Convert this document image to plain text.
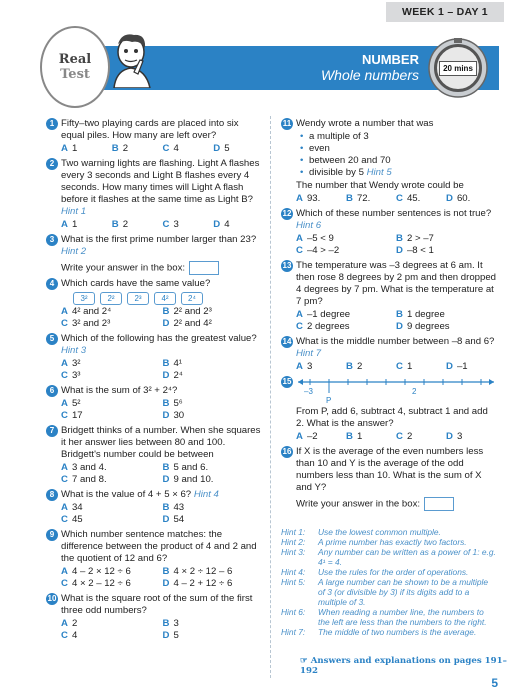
WEEK 1 – DAY 1
NUMBER
Whole numbers
Real
Test	20 mins
1 Fifty–two playing cards are placed into six equal piles. How many are left over?
A 1	B 2	C 4	D 5
2 Two warning lights are flashing. Light A flashes every 3 seconds and Light B flashes every 4 seconds. How many times will Light A flash before it flashes at the same time as Light B? Hint 1
A 1	B 2	C 3	D 4
3 What is the first prime number larger than 23? Hint 2
Write your answer in the box:
4 Which cards have the same value?
3²	2²	2³	4²	2⁴
A 4² and 2⁴	B 2² and 2³
C 3² and 2³	D 2² and 4²
5 Which of the following has the greatest value? Hint 3
A 3²	B 4¹
C 3³	D 2⁴
6 What is the sum of 3² + 2⁴?
A 5²	B 5⁶
C 17	D 30
7 Bridgett thinks of a number. When she squares it her answer lies between 80 and 100. Bridgett's number could be between
A 3 and 4.	B 5 and 6.
C 7 and 8.	D 9 and 10.
8 What is the value of 4 + 5 × 6? Hint 4
A 34	B 43
C 45	D 54
9 Which number sentence matches: the difference between the product of 4 and 2 and the quotient of 12 and 6?
A 4 – 2 × 12 ÷ 6	B 4 × 2 ÷ 12 – 6
C 4 × 2 – 12 ÷ 6	D 4 – 2 + 12 ÷ 6
10 What is the square root of the sum of the first three odd numbers?
A 2	B 3
C 4	D 5
11 Wendy wrote a number that was
• a multiple of 3
• even
• between 20 and 70
• divisible by 5 Hint 5
The number that Wendy wrote could be
A 93.	B 72.	C 45.	D 60.
12 Which of these number sentences is not true? Hint 6
A –5 < 9	B 2 > –7
C –4 > –2	D –8 < 1
13 The temperature was –3 degrees at 6 am. It then rose 8 degrees by 2 pm and then dropped 4 degrees by 7 pm. What is the temperature at 7 pm?
A –1 degree	B 1 degree
C 2 degrees	D 9 degrees
14 What is the middle number between –8 and 6? Hint 7
A 3	B 2	C 1	D –1
15
–3	2
P
From P, add 6, subtract 4, subtract 1 and add 2. What is the answer?
A –2	B 1	C 2	D 3
16 If X is the average of the even numbers less than 10 and Y is the average of the odd numbers less than 10. What is the sum of X and Y?
Write your answer in the box:
Hint 1: Use the lowest common multiple.
Hint 2: A prime number has exactly two factors.
Hint 3: Any number can be written as a power of 1: e.g. 4¹ = 4.
Hint 4: Use the rules for the order of operations.
Hint 5: A large number can be shown to be a multiple of 3 (or divisible by 3) if its digits add to a multiple of 3.
Hint 6: When reading a number line, the numbers to the left are less than the numbers to the right.
Hint 7: The middle of two numbers is the average.
☞ Answers and explanations on pages 191–192
5
